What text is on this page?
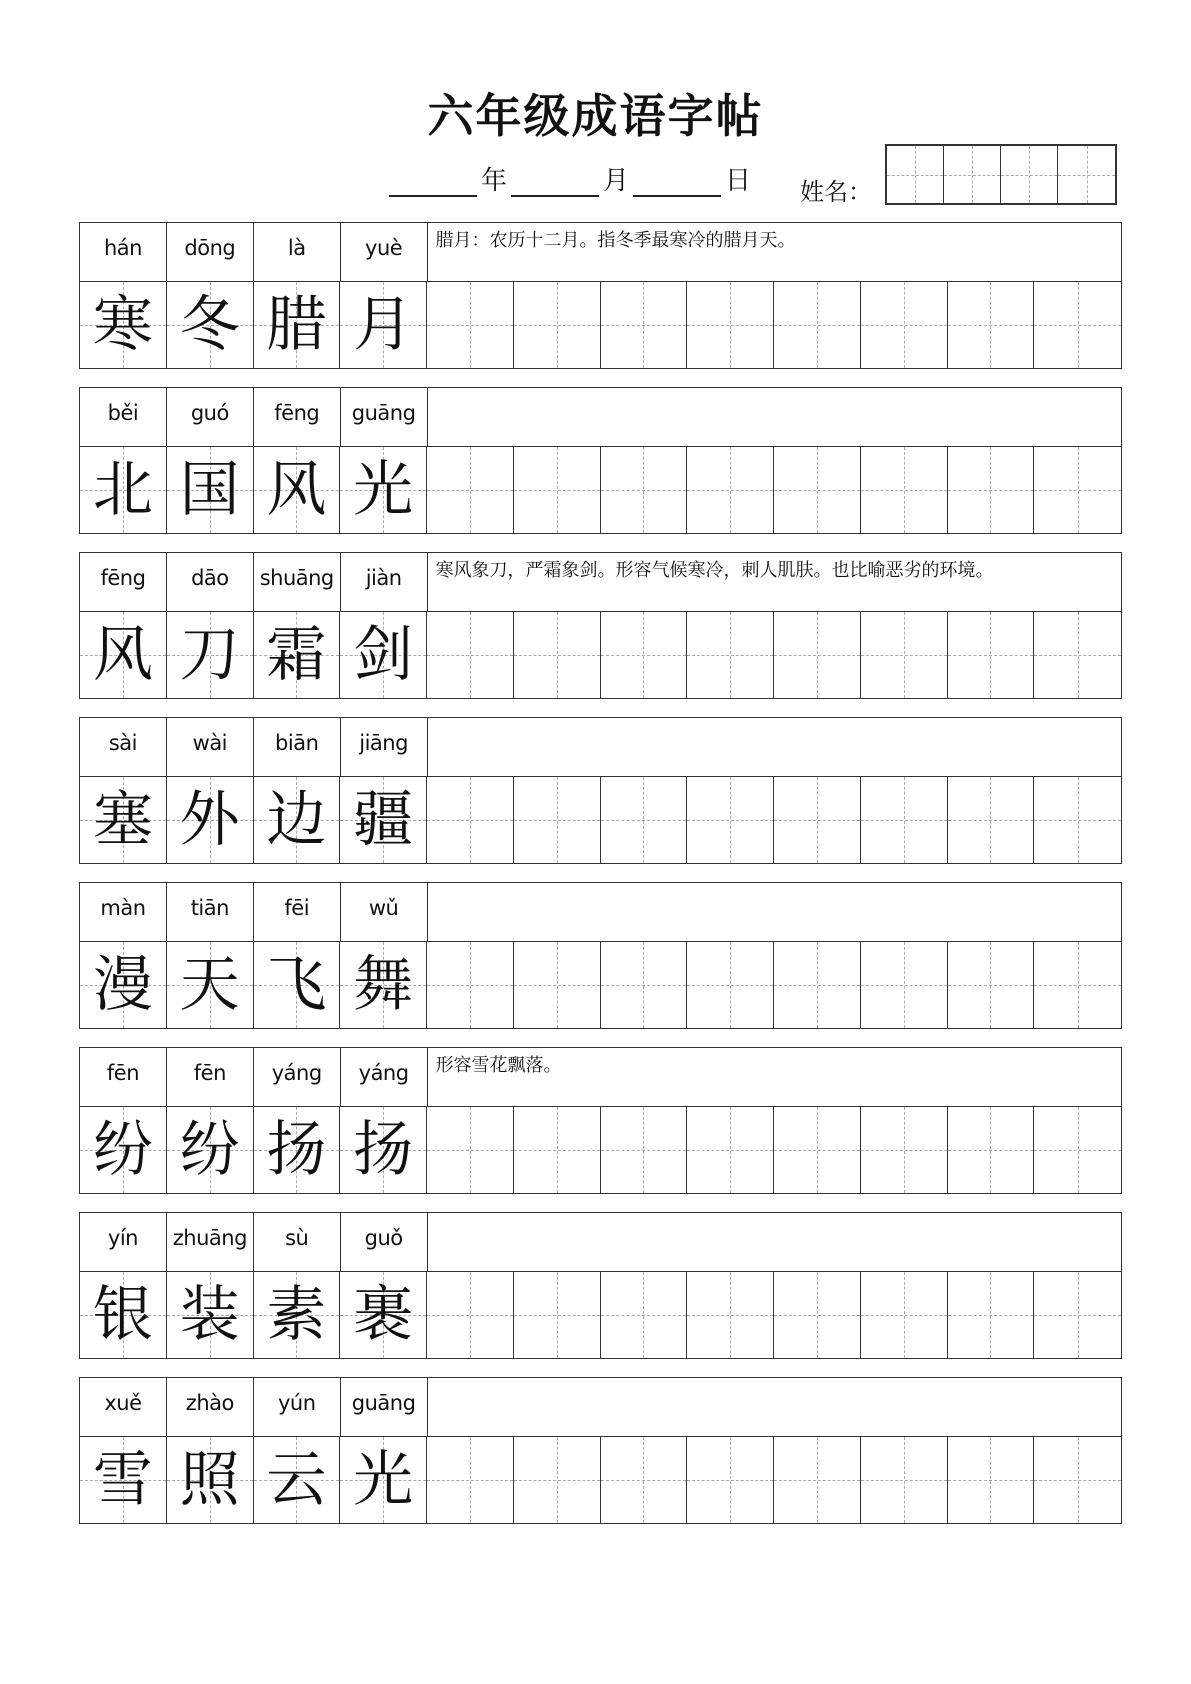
六年级成语字帖
年	月	日 姓名：
hán	dōng	là	yuè	腊月：农历十二月。指冬季最寒冷的腊月天。
寒 冬 腊 月
běi	guó	fēng	guāng
北 国 风 光
fēng	dāo	shuāng	jiàn	寒风象刀，严霜象剑。形容气候寒冷，刺人肌肤。也比喻恶劣的环境。
风 刀 霜 剑
sài	wài	biān	jiāng
塞 外 边 疆
màn	tiān	fēi	wǔ
漫 天 飞 舞
fēn	fēn	yáng	yáng	形容雪花飘落。
纷 纷 扬 扬
yín	zhuāng	sù	guǒ
银 装 素 裹
xuě	zhào	yún	guāng
雪 照 云 光
